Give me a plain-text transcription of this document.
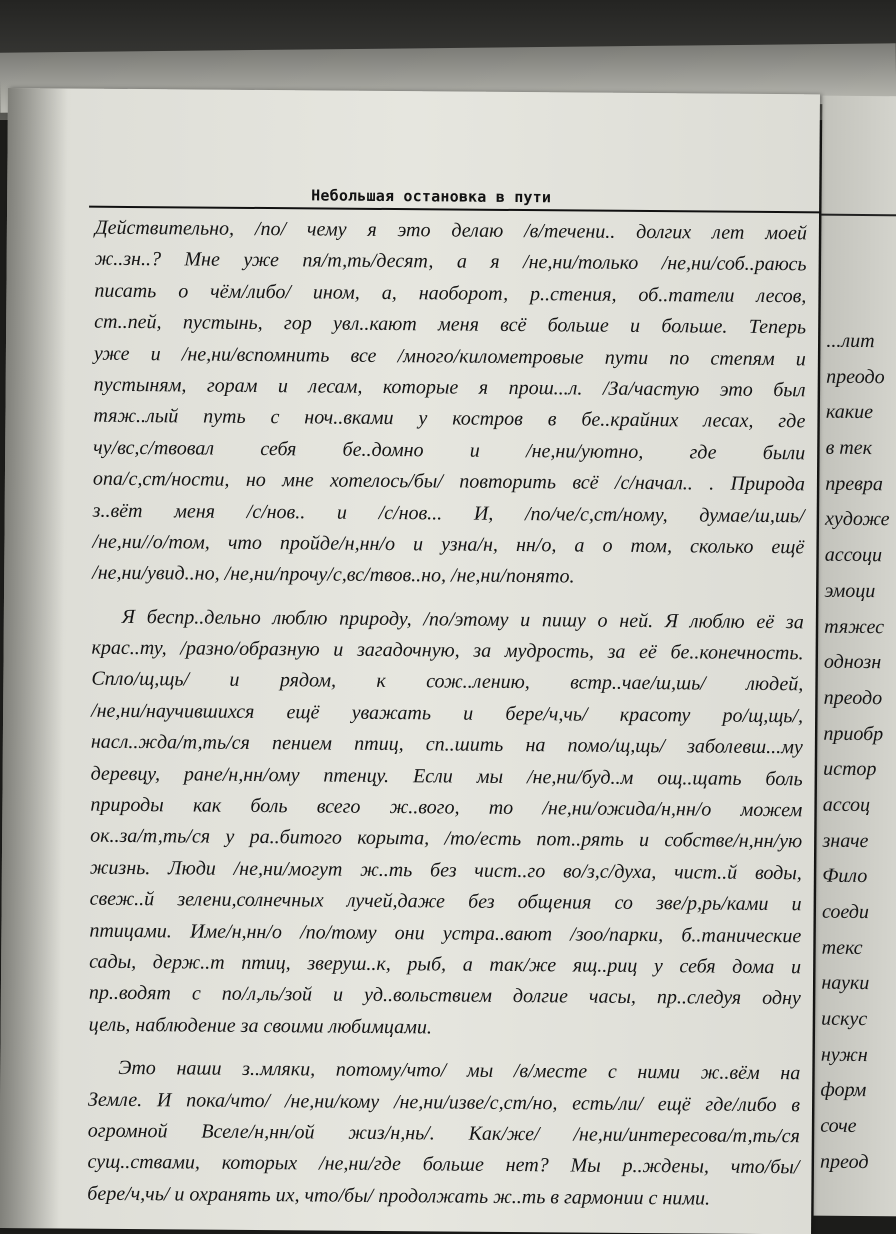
...лит
преодо
какие
в тек
превра
художе
ассоци
эмоци
тяжес
однозн
преодо
приобр
истор
ассоц
значе
Фило
соеди
текс
науки
искус
нужн
форм
соче
преод
Небольшая остановка в пути
Действительно, /по/ чему я это делаю /в/течени.. долгих лет моей
ж..зн..? Мне уже пя/т,ть/десят, а я /не,ни/только /не,ни/соб..раюсь
писать о чём/либо/ ином, а, наоборот, р..стения, об..татели лесов,
ст..пей, пустынь, гор увл..кают меня всё больше и больше. Теперь
уже и /не,ни/вспомнить все /много/километровые пути по степям и
пустыням, горам и лесам, которые я прош...л. /За/частую это был
тяж..лый путь с ноч..вками у костров в бе..крайних лесах, где
чу/вс,с/твовал себя бе..домно и /не,ни/уютно, где были
опа/с,ст/ности, но мне хотелось/бы/ повторить всё /с/начал.. . Природа
з..вёт меня /с/нов.. и /с/нов... И, /по/че/с,ст/ному, думае/ш,шь/
/не,ни//о/том, что пройде/н,нн/о и узна/н, нн/о, а о том, сколько ещё
/не,ни/увид..но, /не,ни/прочу/с,вс/твов..но, /не,ни/понято.
Я беспр..дельно люблю природу, /по/этому и пишу о ней. Я люблю её за
крас..ту, /разно/образную и загадочную, за мудрость, за её бе..конечность.
Спло/щ,щь/ и рядом, к сож..лению, встр..чае/ш,шь/ людей,
/не,ни/научившихся ещё уважать и бере/ч,чь/ красоту ро/щ,щь/,
насл..жда/т,ть/ся пением птиц, сп..шить на помо/щ,щь/ заболевш...му
деревцу, ране/н,нн/ому птенцу. Если мы /не,ни/буд..м ощ..щать боль
природы как боль всего ж..вого, то /не,ни/ожида/н,нн/о можем
ок..за/т,ть/ся у ра..битого корыта, /то/есть пот..рять и собстве/н,нн/ую
жизнь. Люди /не,ни/могут ж..ть без чист..го во/з,с/духа, чист..й воды,
свеж..й зелени,солнечных лучей,даже без общения со зве/р,рь/ками и
птицами. Име/н,нн/о /по/тому они устра..вают /зоо/парки, б..танические
сады, держ..т птиц, зверуш..к, рыб, а так/же ящ..риц у себя дома и
пр..водят с по/л,ль/зой и уд..вольствием долгие часы, пр..следуя одну
цель, наблюдение за своими любимцами.
Это наши з..мляки, потому/что/ мы /в/месте с ними ж..вём на
Земле. И пока/что/ /не,ни/кому /не,ни/изве/с,ст/но, есть/ли/ ещё где/либо в
огромной Вселе/н,нн/ой жиз/н,нь/. Как/же/ /не,ни/интересова/т,ть/ся
сущ..ствами, которых /не,ни/где больше нет? Мы р..ждены, что/бы/
бере/ч,чь/ и охранять их, что/бы/ продолжать ж..ть в гармонии с ними.
